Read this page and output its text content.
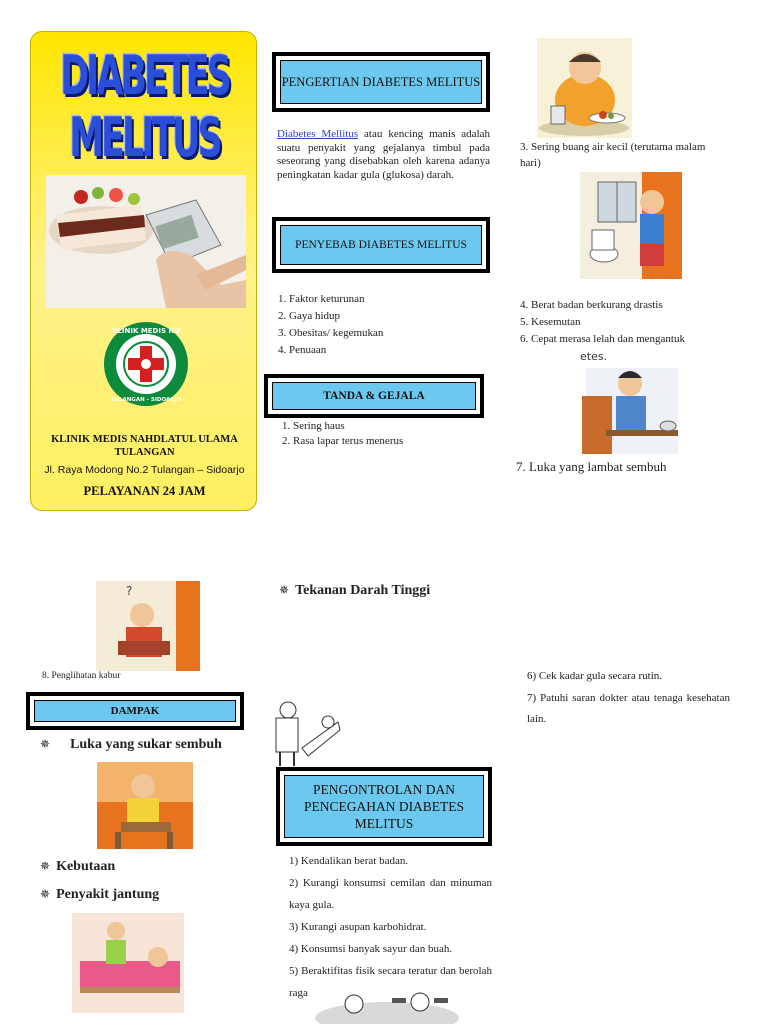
DIABETES MELITUS
KLINIK MEDIS NU
TULANGAN - SIDOARJO
KLINIK MEDIS NAHDLATUL ULAMA TULANGAN
Jl. Raya Modong No.2 Tulangan – Sidoarjo
PELAYANAN 24 JAM
PENGERTIAN DIABETES MELITUS
Diabetes Mellitus atau kencing manis adalah suatu penyakit yang gejalanya timbul pada seseorang yang disebabkan oleh karena adanya peningkatan kadar gula (glukosa) darah.
PENYEBAB DIABETES MELITUS
1. Faktor keturunan
2. Gaya hidup
3. Obesitas/ kegemukan
4. Penuaan
TANDA & GEJALA
1. Sering haus
2. Rasa lapar terus menerus
3. Sering buang air kecil (terutama malam hari)
4. Berat badan berkurang drastis
5. Kesemutan
6. Cepat merasa lelah dan mengantuk
etes.
7. Luka yang lambat sembuh
?
8. Penglihatan kabur
DAMPAK
✵ Luka yang sukar sembuh
✵ Kebutaan
✵ Penyakit jantung
✵ Tekanan Darah Tinggi
PENGONTROLAN DAN PENCEGAHAN DIABETES MELITUS
1) Kendalikan berat badan.
2) Kurangi konsumsi cemilan dan minuman kaya gula.
3) Kurangi asupan karbohidrat.
4) Konsumsi banyak sayur dan buah.
5) Beraktifitas fisik secara teratur dan berolah raga
6) Cek kadar gula secara rutin.
7) Patuhi saran dokter atau tenaga kesehatan lain.
